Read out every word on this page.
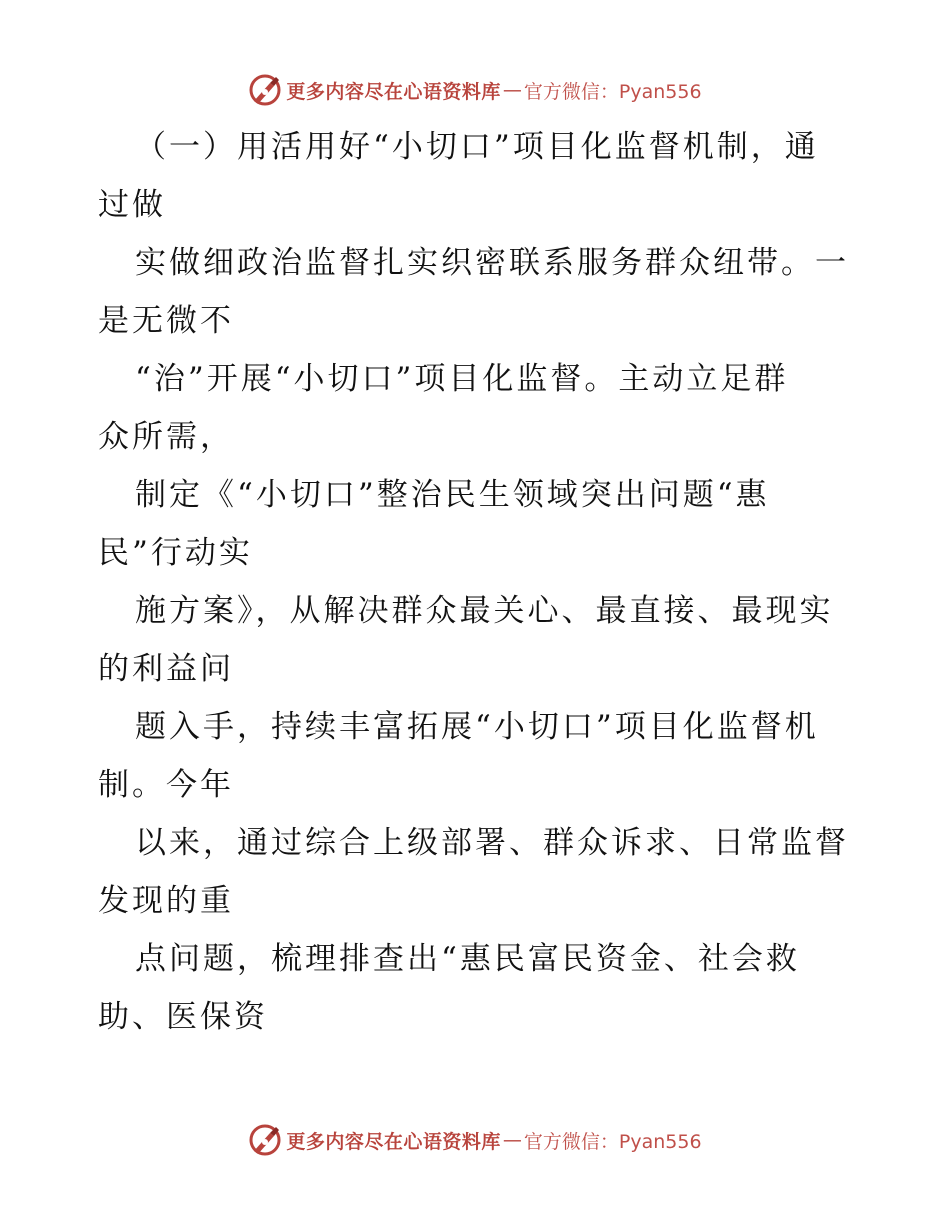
更多内容尽在心语资料库 — 官方微信：Pyan556
（一）用活用好“小切口”项目化监督机制，通
过做
实做细政治监督扎实织密联系服务群众纽带。一
是无微不
“治”开展“小切口”项目化监督。主动立足群
众所需，
制定《“小切口”整治民生领域突出问题“惠
民”行动实
施方案》，从解决群众最关心、最直接、最现实
的利益问
题入手，持续丰富拓展“小切口”项目化监督机
制。今年
以来，通过综合上级部署、群众诉求、日常监督
发现的重
点问题，梳理排查出“惠民富民资金、社会救
助、医保资
更多内容尽在心语资料库 — 官方微信：Pyan556
